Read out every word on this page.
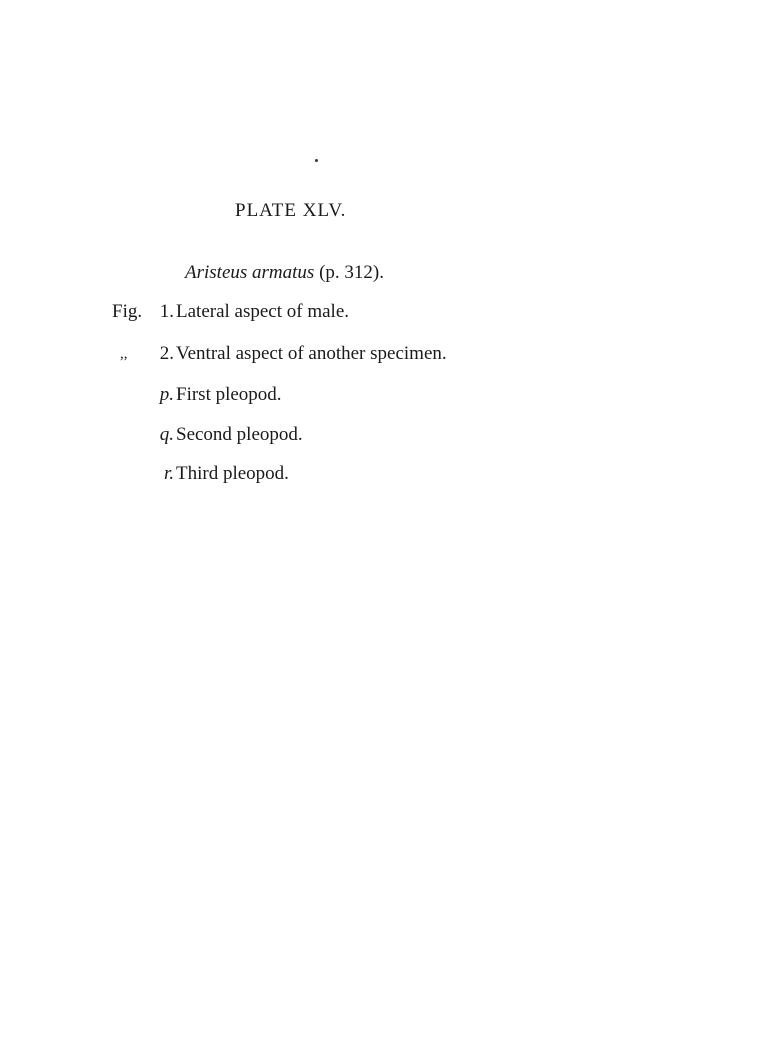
PLATE XLV.
Aristeus armatus (p. 312).
Fig. 1. Lateral aspect of male.
,,	2. Ventral aspect of another specimen.
p. First pleopod.
q. Second pleopod.
r. Third pleopod.
